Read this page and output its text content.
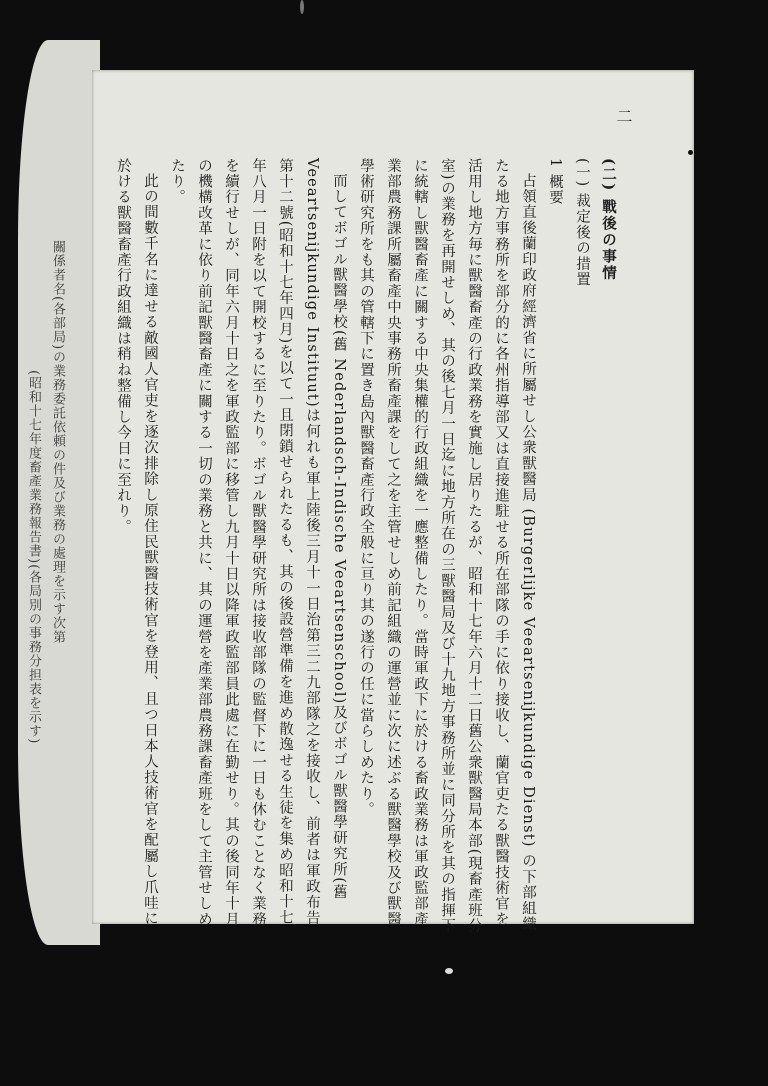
關係者名(各部局)の業務委託依頼の件及び業務の處理を示す次第
(昭和十七年度畜產業務報告書)(各局別の事務分担表を示す)
二

(二) 戰後の事情

(一) 裁定後の措置

1 概要

占領直後蘭印政府經濟省に所屬せし公衆獸醫局 (Burgerlijke Veeartsenijkundige Dienst) の下部組織たる地方事務所を部分的に各州指導部又は直接進駐せる所在部隊の手に依り接收し、蘭官吏たる獸醫技術官を活用し地方毎に獸醫畜產の行政業務を實施し居りたるが、昭和十七年六月十二日舊公衆獸醫局本部(現畜產班分室)の業務を再開せしめ、其の後七月一日迄に地方所在の三獸醫局及び十九地方事務所並に同分所を其の指揮下に統轄し獸醫畜產に關する中央集權的行政組織を一應整備したり。當時軍政下に於ける畜政業務は軍政監部產業部農務課所屬畜產中央事務所畜產課をして之を主管せしめ前記組織の運營並に次に述ぶる獸醫學校及び獸醫學術研究所をも其の管轄下に置き島內獸醫畜產行政全般に亘り其の遂行の任に當らしめたり。

而してボゴル獸醫學校(舊 Nederlandsch-Indische Veeartsenschool)及びボゴル獸醫學研究所(舊 Veeartsenijkundige Instituut)は何れも軍上陸後三月十一日治第三二九部隊之を接收し、前者は軍政布告第十二號(昭和十七年四月)を以て一且閉鎖せられたるも、其の後設營準備を進め散逸せる生徒を集め昭和十七年八月一日附を以て開校するに至りたり。ボゴル獸醫學研究所は接收部隊の監督下に一日も休むことなく業務を續行せしが、同年六月十日之を軍政監部に移管し九月十日以降軍政監部員此處に在勤せり。其の後同年十月の機構改革に依り前記獸醫畜產に關する一切の業務と共に、其の運營を產業部農務課畜產班をして主管せしめたり。

此の間數千名に達せる敵國人官吏を逐次排除し原住民獸醫技術官を登用、且つ日本人技術官を配屬し爪哇に於ける獸醫畜產行政組織は稍ね整備し今日に至れり。
